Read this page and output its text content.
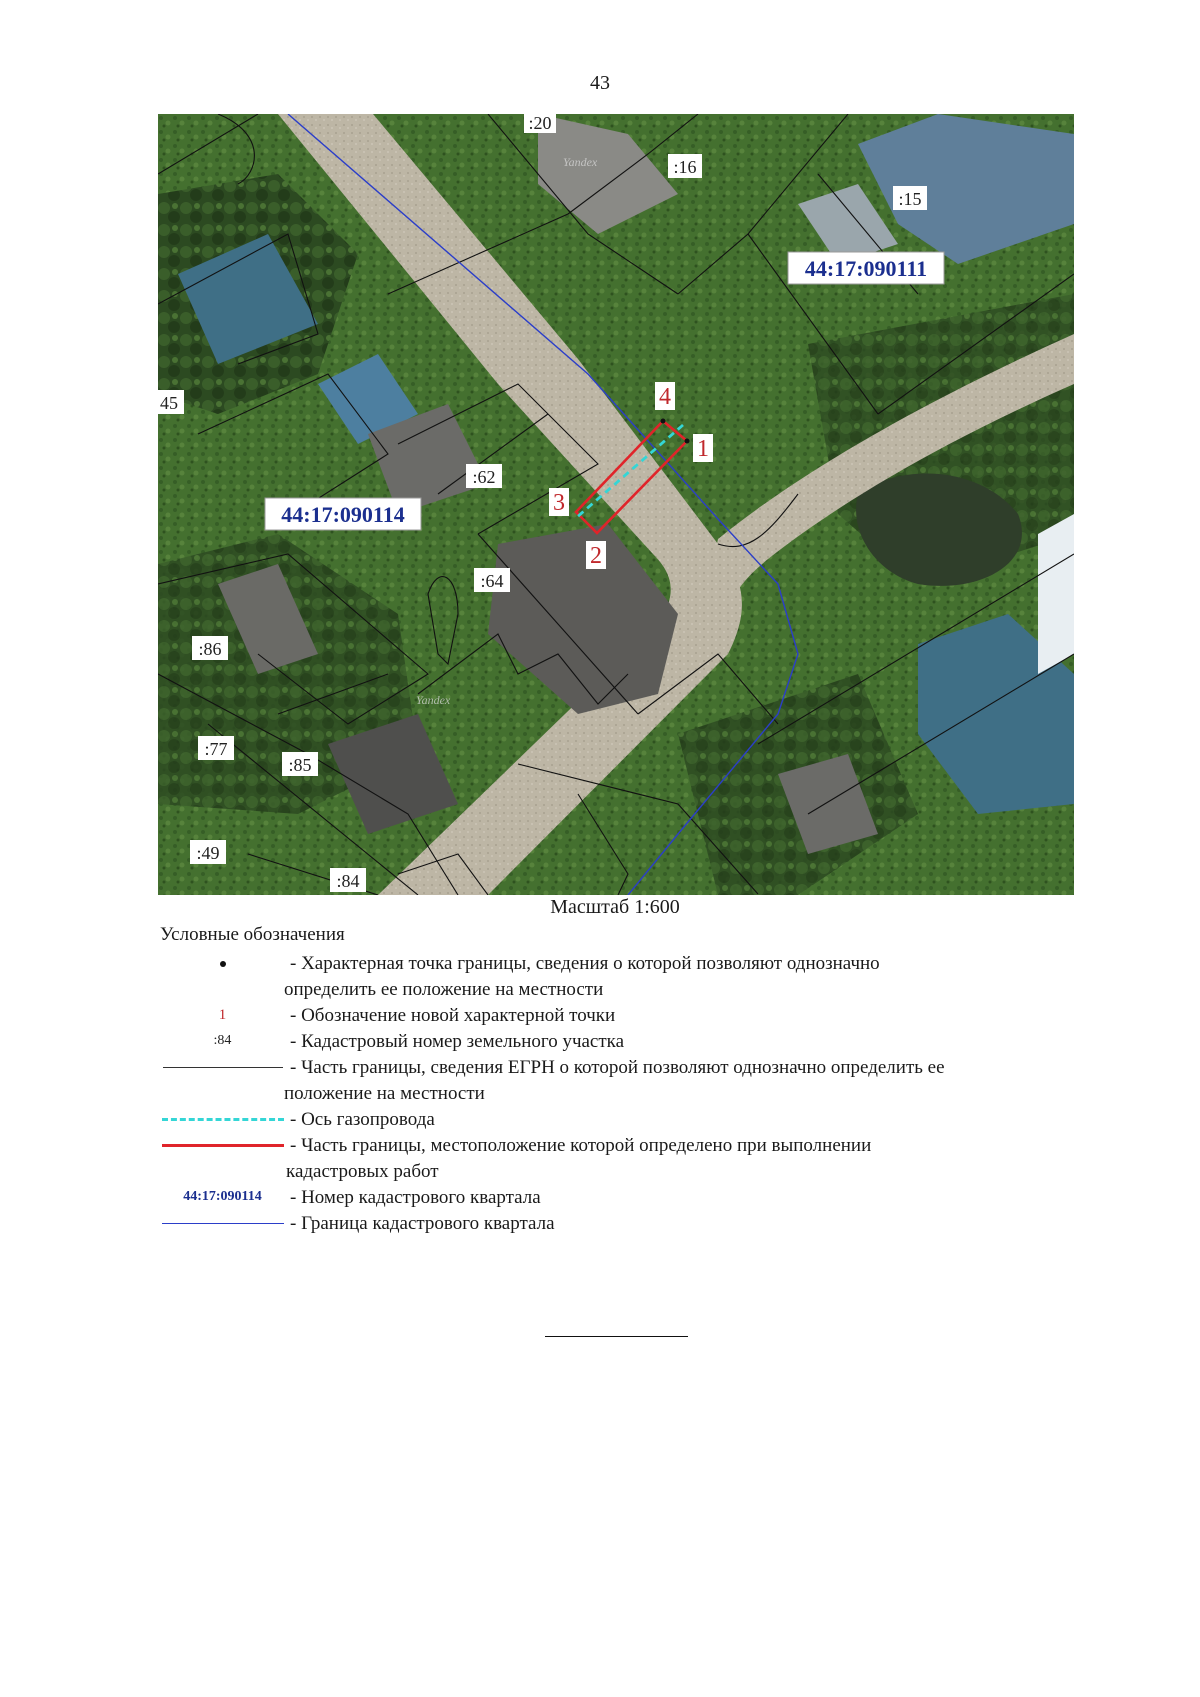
43
1
2
3
4
:20
:16
:15
45
:62
:64
:86
:77
:85
:49
:84
44:17:090111
44:17:090114
Yandex
Yandex
Масштаб 1:600
Условные обозначения
- Характерная точка границы, сведения о которой позволяют однозначно
определить ее положение на местности
1	- Обозначение новой характерной точки
:84	- Кадастровый номер земельного участка
- Часть границы, сведения ЕГРН о которой позволяют однозначно определить ее
положение на местности
- Ось газопровода
- Часть границы, местоположение которой определено при выполнении
кадастровых работ
44:17:090114	- Номер кадастрового квартала
- Граница кадастрового квартала
